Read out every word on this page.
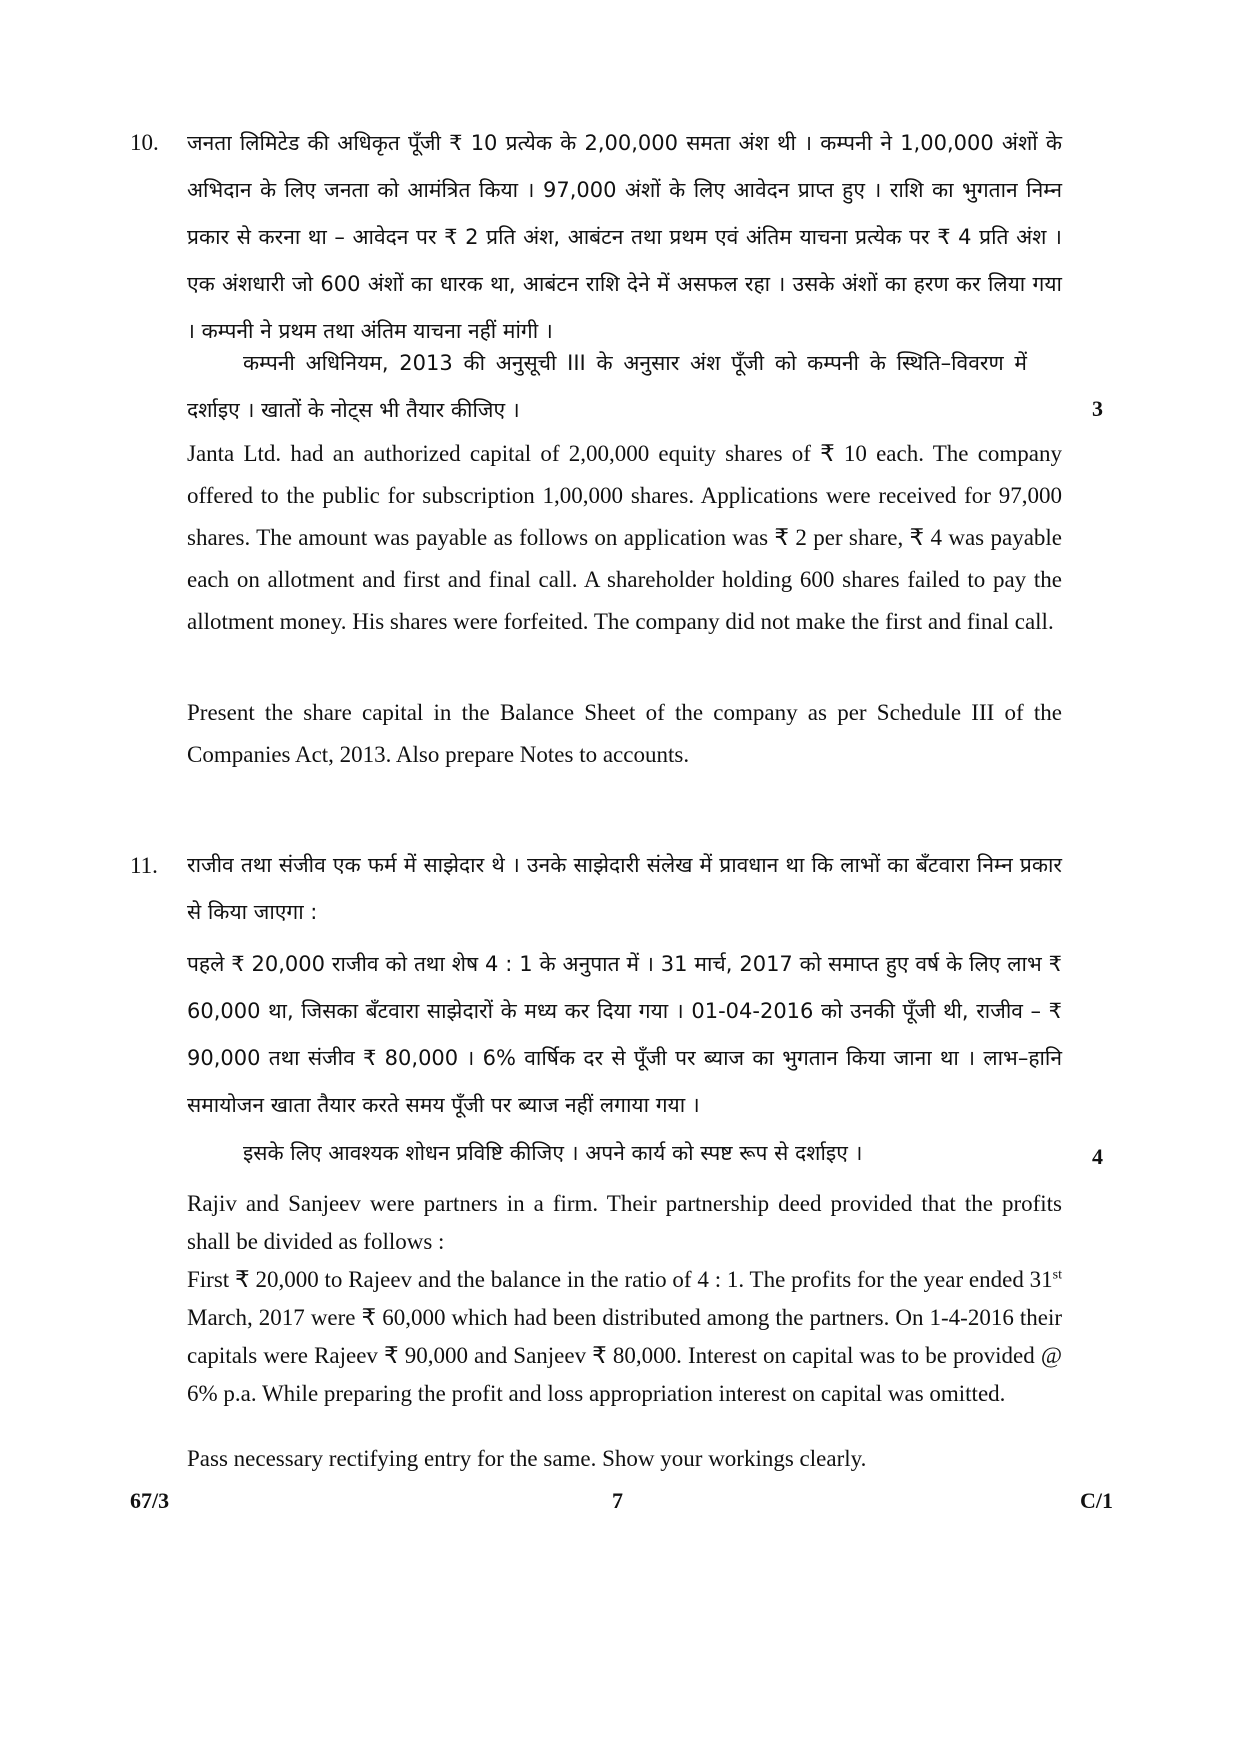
10. जनता लिमिटेड की अधिकृत पूँजी ₹ 10 प्रत्येक के 2,00,000 समता अंश थी । कम्पनी ने 1,00,000 अंशों के अभिदान के लिए जनता को आमंत्रित किया । 97,000 अंशों के लिए आवेदन प्राप्त हुए । राशि का भुगतान निम्न प्रकार से करना था – आवेदन पर ₹ 2 प्रति अंश, आबंटन तथा प्रथम एवं अंतिम याचना प्रत्येक पर ₹ 4 प्रति अंश । एक अंशधारी जो 600 अंशों का धारक था, आबंटन राशि देने में असफल रहा । उसके अंशों का हरण कर लिया गया । कम्पनी ने प्रथम तथा अंतिम याचना नहीं मांगी ।

कम्पनी अधिनियम, 2013 की अनुसूची III के अनुसार अंश पूँजी को कम्पनी के स्थिति–विवरण में दर्शाइए । खातों के नोट्स भी तैयार कीजिए ।	3

Janta Ltd. had an authorized capital of 2,00,000 equity shares of ₹ 10 each. The company offered to the public for subscription 1,00,000 shares. Applications were received for 97,000 shares. The amount was payable as follows on application was ₹ 2 per share, ₹ 4 was payable each on allotment and first and final call. A shareholder holding 600 shares failed to pay the allotment money. His shares were forfeited. The company did not make the first and final call.

Present the share capital in the Balance Sheet of the company as per Schedule III of the Companies Act, 2013. Also prepare Notes to accounts.

11. राजीव तथा संजीव एक फर्म में साझेदार थे । उनके साझेदारी संलेख में प्रावधान था कि लाभों का बँटवारा निम्न प्रकार से किया जाएगा :

पहले ₹ 20,000 राजीव को तथा शेष 4 : 1 के अनुपात में । 31 मार्च, 2017 को समाप्त हुए वर्ष के लिए लाभ ₹ 60,000 था, जिसका बँटवारा साझेदारों के मध्य कर दिया गया । 01-04-2016 को उनकी पूँजी थी, राजीव – ₹ 90,000 तथा संजीव ₹ 80,000 । 6% वार्षिक दर से पूँजी पर ब्याज का भुगतान किया जाना था । लाभ–हानि समायोजन खाता तैयार करते समय पूँजी पर ब्याज नहीं लगाया गया ।

इसके लिए आवश्यक शोधन प्रविष्टि कीजिए । अपने कार्य को स्पष्ट रूप से दर्शाइए ।	4

Rajiv and Sanjeev were partners in a firm. Their partnership deed provided that the profits shall be divided as follows :

First ₹ 20,000 to Rajeev and the balance in the ratio of 4 : 1. The profits for the year ended 31st March, 2017 were ₹ 60,000 which had been distributed among the partners. On 1-4-2016 their capitals were Rajeev ₹ 90,000 and Sanjeev ₹ 80,000. Interest on capital was to be provided @ 6% p.a. While preparing the profit and loss appropriation interest on capital was omitted.

Pass necessary rectifying entry for the same. Show your workings clearly.

67/3	7	C/1
